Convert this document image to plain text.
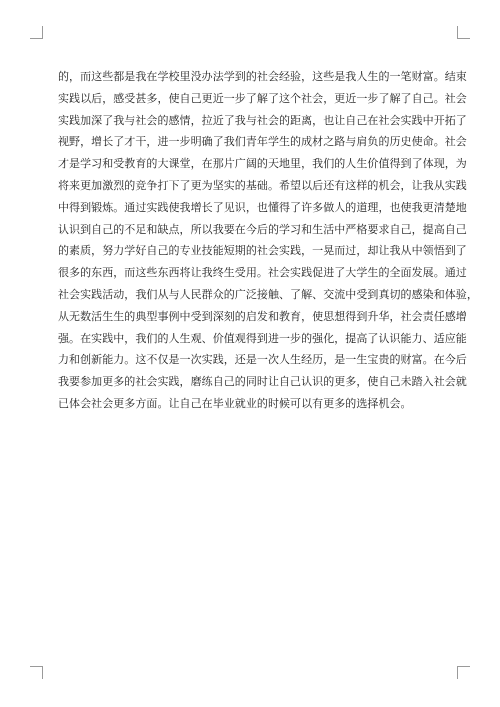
的，而这些都是我在学校里没办法学到的社会经验，这些是我人生的一笔财富。结束
实践以后，感受甚多，使自己更近一步了解了这个社会，更近一步了解了自己。社会
实践加深了我与社会的感情，拉近了我与社会的距离，也让自己在社会实践中开拓了
视野，增长了才干，进一步明确了我们青年学生的成材之路与肩负的历史使命。社会
才是学习和受教育的大课堂，在那片广阔的天地里，我们的人生价值得到了体现，为
将来更加激烈的竞争打下了更为坚实的基础。希望以后还有这样的机会，让我从实践
中得到锻炼。通过实践使我增长了见识，也懂得了许多做人的道理，也使我更清楚地
认识到自己的不足和缺点，所以我要在今后的学习和生活中严格要求自己，提高自己
的素质，努力学好自己的专业技能短期的社会实践，一晃而过，却让我从中领悟到了
很多的东西，而这些东西将让我终生受用。社会实践促进了大学生的全面发展。通过
社会实践活动，我们从与人民群众的广泛接触、了解、交流中受到真切的感染和体验，
从无数活生生的典型事例中受到深刻的启发和教育，使思想得到升华，社会责任感增
强。在实践中，我们的人生观、价值观得到进一步的强化，提高了认识能力、适应能
力和创新能力。这不仅是一次实践，还是一次人生经历，是一生宝贵的财富。在今后
我要参加更多的社会实践，磨练自己的同时让自己认识的更多，使自己未踏入社会就
已体会社会更多方面。让自己在毕业就业的时候可以有更多的选择机会。
